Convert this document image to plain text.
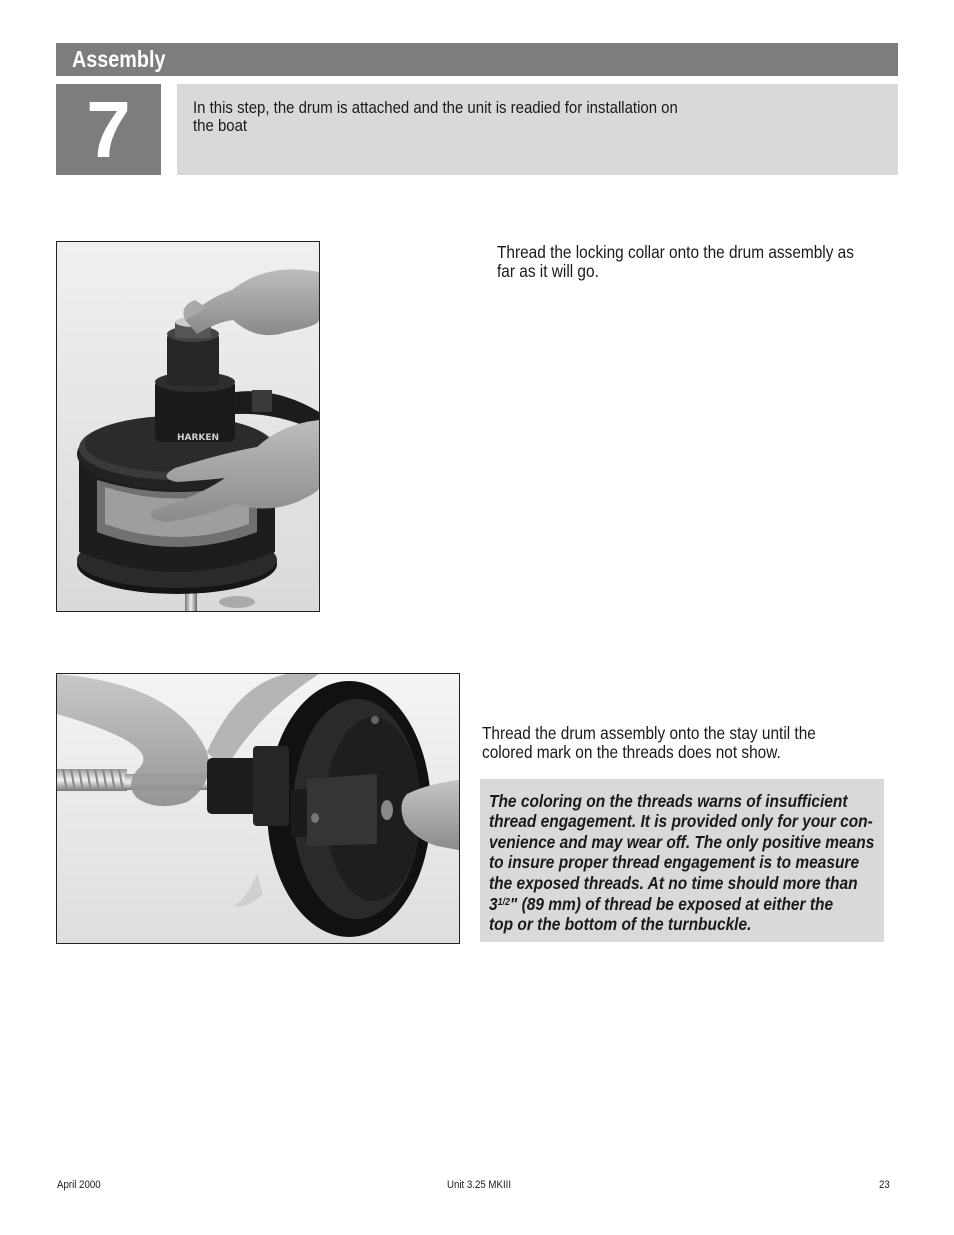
Assembly
7	In this step, the drum is attached and the unit is readied for installation on the boat
HARKEN
Thread the locking collar onto the drum assembly as far as it will go.
Thread the drum assembly onto the stay until the colored mark on the threads does not show.
The coloring on the threads warns of insufficient
thread engagement. It is provided only for your con-
venience and may wear off. The only positive means
to insure proper thread engagement is to measure
the exposed threads. At no time should more than
$3^{1/2}$" (89 mm) of thread be exposed at either the
top or the bottom of the turnbuckle.
April 2000	Unit 3.25 MKIII	23
